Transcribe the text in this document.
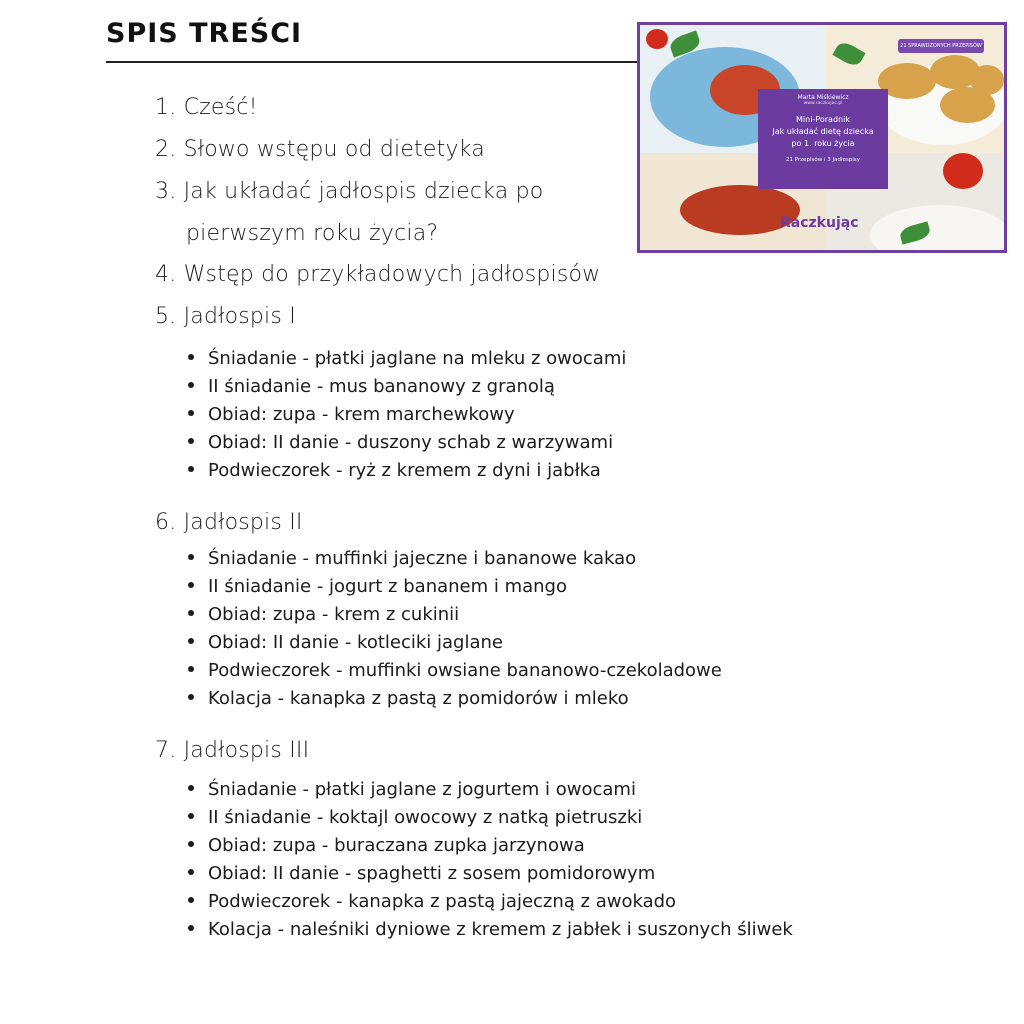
SPIS TREŚCI	21 SPRAWDZONYCH PRZEPISÓW
Marta Miśkiewicz
www.raczkujac.pl
Mini-Poradnik
Jak układać dietę dziecka
po 1. roku życia
21 Przepisów i 3 Jadłospisy
Raczkując
1. Cześć!
2. Słowo wstępu od dietetyka
3. Jak układać jadłospis dziecka po
pierwszym roku życia?
4. Wstęp do przykładowych jadłospisów
5. Jadłospis I
Śniadanie - płatki jaglane na mleku z owocami
II śniadanie - mus bananowy z granolą
Obiad: zupa - krem marchewkowy
Obiad: II danie - duszony schab z warzywami
Podwieczorek - ryż z kremem z dyni i jabłka
6. Jadłospis II
Śniadanie - muffinki jajeczne i bananowe kakao
II śniadanie - jogurt z bananem i mango
Obiad: zupa - krem z cukinii
Obiad: II danie - kotleciki jaglane
Podwieczorek - muffinki owsiane bananowo-czekoladowe
Kolacja - kanapka z pastą z pomidorów i mleko
7. Jadłospis III
Śniadanie - płatki jaglane z jogurtem i owocami
II śniadanie - koktajl owocowy z natką pietruszki
Obiad: zupa - buraczana zupka jarzynowa
Obiad: II danie - spaghetti z sosem pomidorowym
Podwieczorek - kanapka z pastą jajeczną z awokado
Kolacja - naleśniki dyniowe z kremem z jabłek i suszonych śliwek
